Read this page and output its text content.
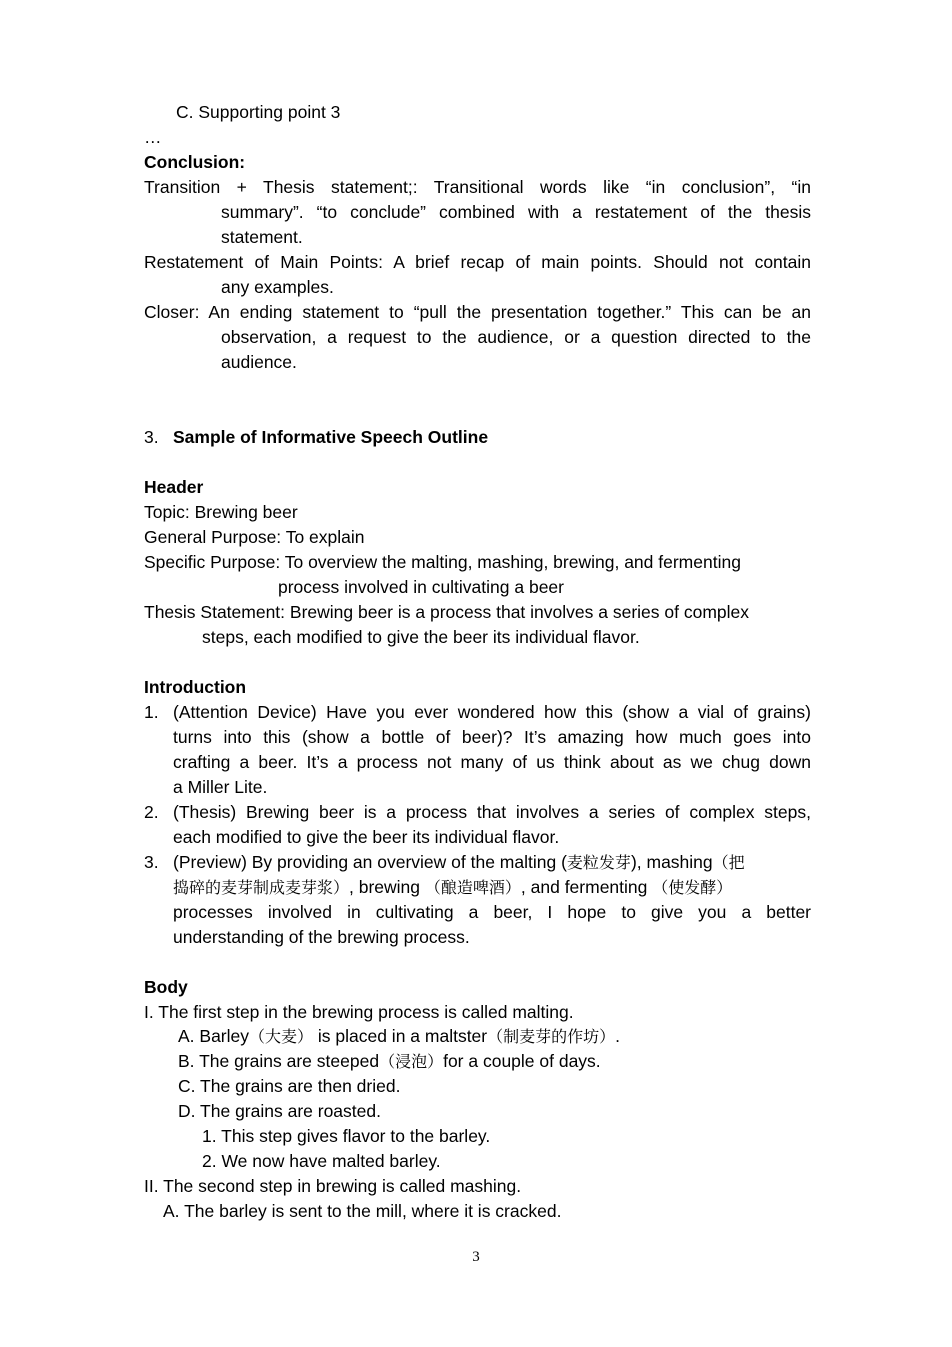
C. Supporting point 3
…
Conclusion:
Transition + Thesis statement;: Transitional words like “in conclusion”, “in
summary”. “to conclude” combined with a restatement of the thesis
statement.
Restatement of Main Points: A brief recap of main points. Should not contain
any examples.
Closer: An ending statement to “pull the presentation together.” This can be an
observation, a request to the audience, or a question directed to the
audience.
3. Sample of Informative Speech Outline
Header
Topic: Brewing beer
General Purpose: To explain
Specific Purpose: To overview the malting, mashing, brewing, and fermenting
process involved in cultivating a beer
Thesis Statement: Brewing beer is a process that involves a series of complex
steps, each modified to give the beer its individual flavor.
Introduction
1. (Attention Device) Have you ever wondered how this (show a vial of grains)
turns into this (show a bottle of beer)? It’s amazing how much goes into
crafting a beer. It’s a process not many of us think about as we chug down
a Miller Lite.
2. (Thesis) Brewing beer is a process that involves a series of complex steps,
each modified to give the beer its individual flavor.
3. (Preview) By providing an overview of the malting (麦粒发芽), mashing（把
捣碎的麦芽制成麦芽浆）, brewing （酿造啤酒）, and fermenting （使发酵）
processes involved in cultivating a beer, I hope to give you a better
understanding of the brewing process.
Body
I. The first step in the brewing process is called malting.
A. Barley（大麦） is placed in a maltster（制麦芽的作坊）.
B. The grains are steeped（浸泡）for a couple of days.
C. The grains are then dried.
D. The grains are roasted.
1. This step gives flavor to the barley.
2. We now have malted barley.
II. The second step in brewing is called mashing.
A. The barley is sent to the mill, where it is cracked.
3
